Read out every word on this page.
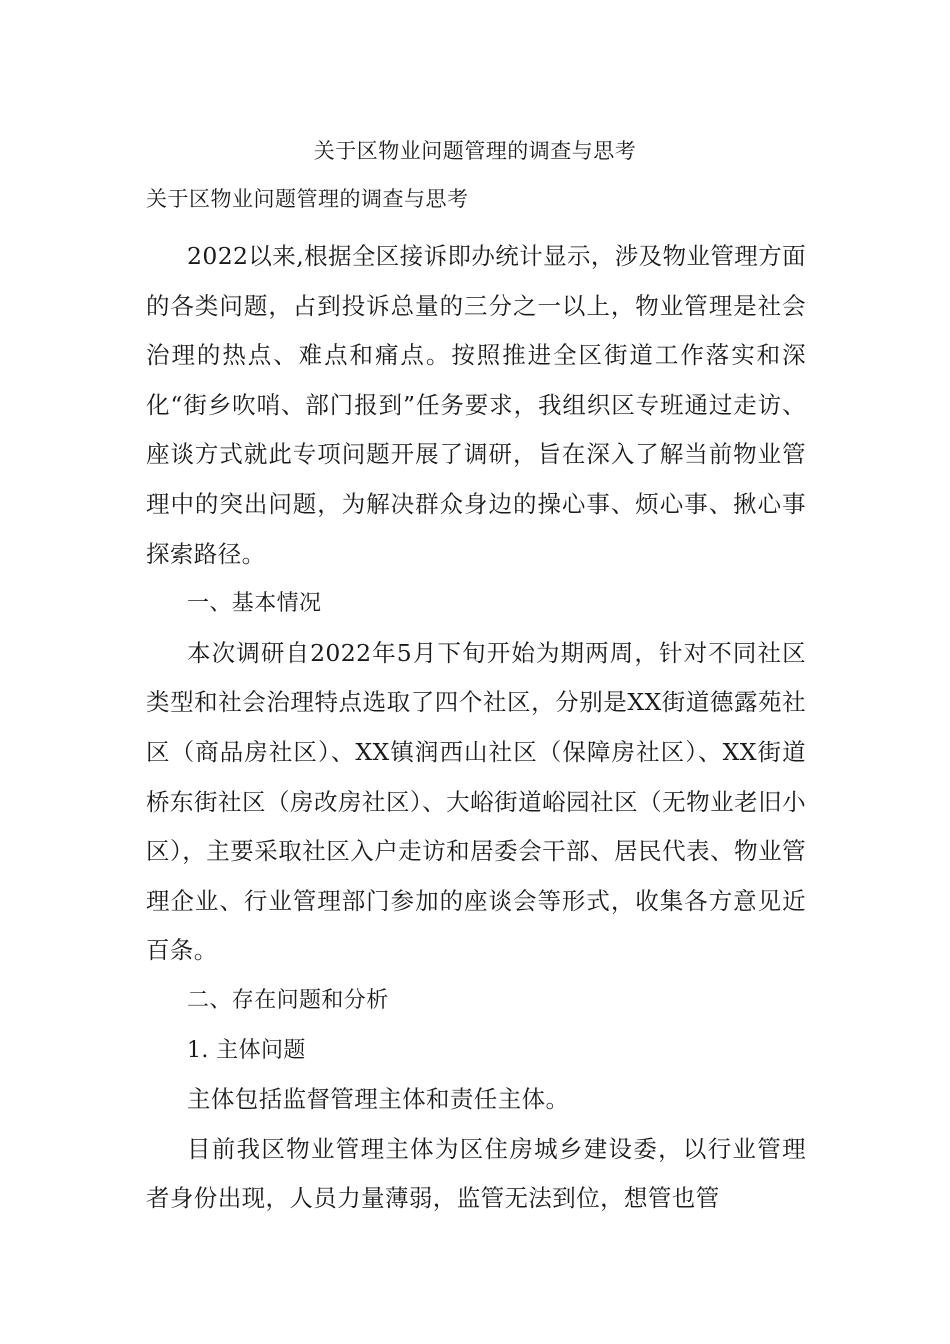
关于区物业问题管理的调查与思考
关于区物业问题管理的调查与思考

2022以来,根据全区接诉即办统计显示，涉及物业管理方面的各类问题，占到投诉总量的三分之一以上，物业管理是社会治理的热点、难点和痛点。按照推进全区街道工作落实和深化“街乡吹哨、部门报到”任务要求，我组织区专班通过走访、座谈方式就此专项问题开展了调研，旨在深入了解当前物业管理中的突出问题，为解决群众身边的操心事、烦心事、揪心事探索路径。

一、基本情况

本次调研自2022年5月下旬开始为期两周，针对不同社区类型和社会治理特点选取了四个社区，分别是XX街道德露苑社区（商品房社区）、XX镇润西山社区（保障房社区）、XX街道桥东街社区（房改房社区）、大峪街道峪园社区（无物业老旧小区），主要采取社区入户走访和居委会干部、居民代表、物业管理企业、行业管理部门参加的座谈会等形式，收集各方意见近百条。

二、存在问题和分析

1. 主体问题

主体包括监督管理主体和责任主体。

目前我区物业管理主体为区住房城乡建设委，以行业管理者身份出现，人员力量薄弱，监管无法到位，想管也管
